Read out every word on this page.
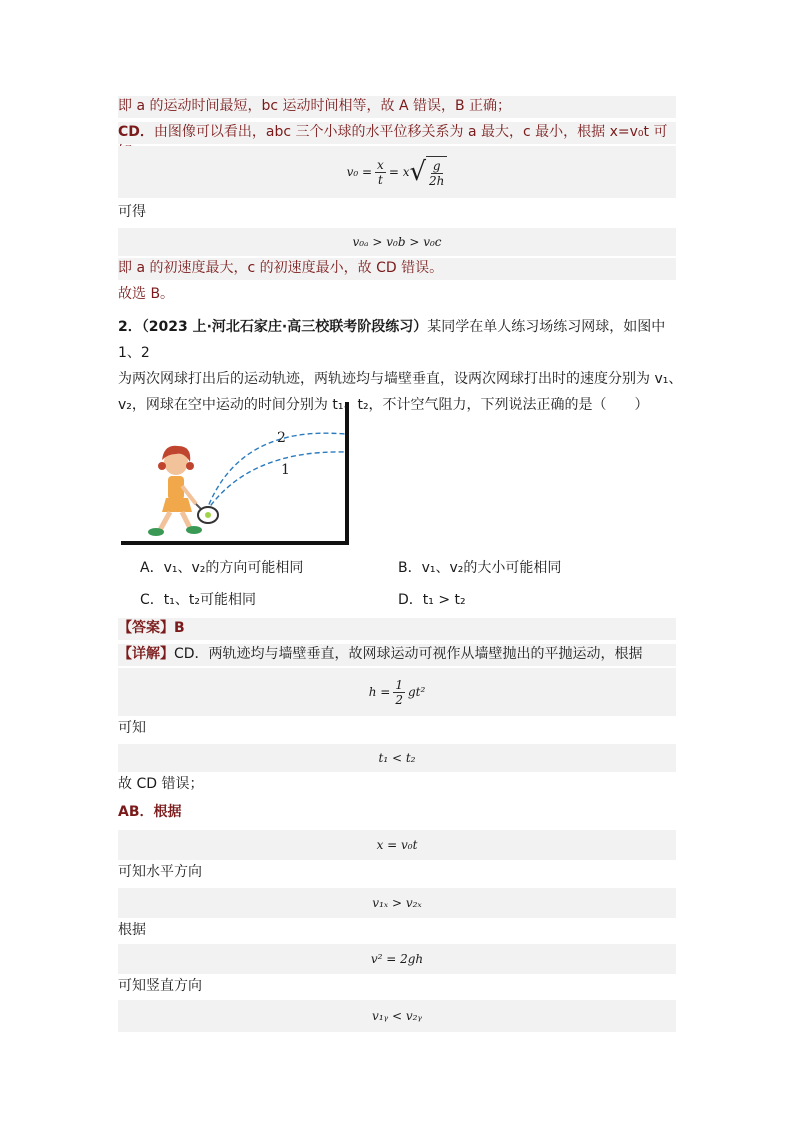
即 a 的运动时间最短，bc 运动时间相等，故 A 错误，B 正确；
CD．由图像可以看出，abc 三个小球的水平位移关系为 a 最大，c 最小，根据 x=v₀t 可
$v_0 = \frac{x}{t} = x$ √ $\frac{g}{2h}$
可得
v₀ₐ > v₀b > v₀c
即 a 的初速度最大，c 的初速度最小，故 CD 错误。
故选 B。
2．（2023 上·河北石家庄·高三校联考阶段练习）某同学在单人练习场练习网球，如图中 1、2
为两次网球打出后的运动轨迹，两轨迹均与墙壁垂直，设两次网球打出时的速度分别为 v₁、
v₂，网球在空中运动的时间分别为 t₁、t₂，不计空气阻力，下列说法正确的是（　　）
2
1
A．v₁、v₂的方向可能相同	B．v₁、v₂的大小可能相同
C．t₁、t₂可能相同	D．t₁ > t₂
【答案】B
【详解】CD．两轨迹均与墙壁垂直，故网球运动可视作从墙壁抛出的平抛运动，根据
$h = \frac{1}{2} gt^2$
可知
t₁ < t₂
故 CD 错误；
AB．根据
x = v₀t
可知水平方向
v₁ₓ > v₂ₓ
根据
v² = 2gh
可知竖直方向
v₁ᵧ < v₂ᵧ
